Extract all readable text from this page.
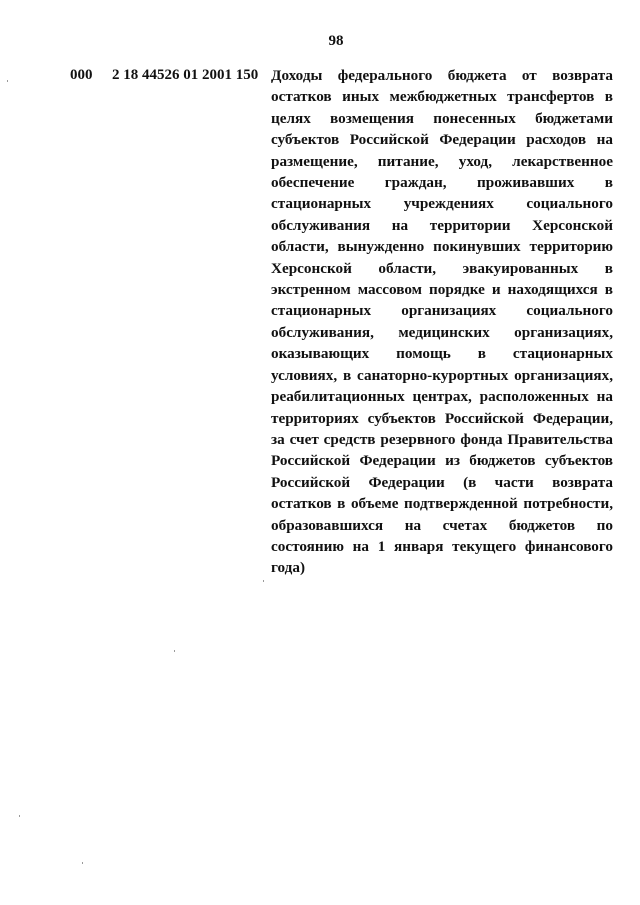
98
000 2 18 44526 01 2001 150 Доходы федерального бюджета от возврата остатков иных межбюджетных трансфертов в целях возмещения понесенных бюджетами субъектов Российской Федерации расходов на размещение, питание, уход, лекарственное обеспечение граждан, проживавших в стационарных учреждениях социального обслуживания на территории Херсонской области, вынужденно покинувших территорию Херсонской области, эвакуированных в экстренном массовом порядке и находящихся в стационарных организациях социального обслуживания, медицинских организациях, оказывающих помощь в стационарных условиях, в санаторно-курортных организациях, реабилитационных центрах, расположенных на территориях субъектов Российской Федерации, за счет средств резервного фонда Правительства Российской Федерации из бюджетов субъектов Российской Федерации (в части возврата остатков в объеме подтвержденной потребности, образовавшихся на счетах бюджетов по состоянию на 1 января текущего финансового года)
